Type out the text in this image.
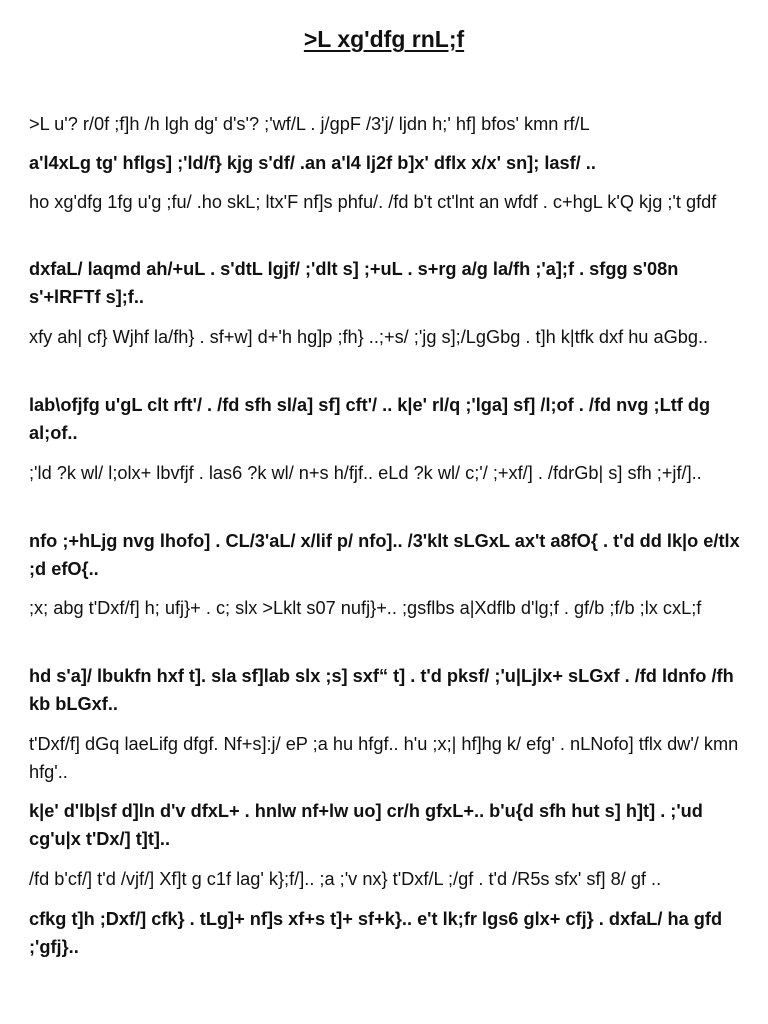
>L xg'dfg rnL;f

>L u'? r/0f ;f]h /h lgh dg' d's'? ;'wf/L . j/gpF /3'j/ ljdn h;' hf] bfos' kmn rf/L

a'l4xLg tg' hflgs] ;'ld/f} kjg s'df/ .an a'l4 lj2f b]x' dflx x/x' sn]; lasf/ ..

ho xg'dfg 1fg u'g ;fu/ .ho skL; ltx'F nf]s phfu/. /fd b't ct'lnt an wfdf . c+hgL k'Q kjg ;'t gfdf

dxfaL/ laqmd ah/+uL . s'dtL lgjf/ ;'dlt s] ;+uL . s+rg a/g la/fh ;'a];f . sfgg s'08n s'+lRFTf s];f..

xfy ah| cf} Wjhf la/fh} . sf+w] d+'h hg]p ;fh} ..;+s/ ;'jg s];/LgGbg . t]h k|tfk dxf hu aGbg..

lab\ofjfg u'gL clt rft'/ . /fd sfh sl/a] sf] cft'/ .. k|e' rl/q ;'lga] sf] /l;of . /fd nvg ;Ltf dg al;of..

;'ld ?k wl/ l;olx+ lbvfjf . las6 ?k wl/ n+s h/fjf.. eLd ?k wl/ c;'/ ;+xf/] . /fdrGb| s] sfh ;+jf/]..

nfo ;+hLjg nvg lhofo] . CL/3'aL/ x/lif p/ nfo].. /3'klt sLGxL ax't a8fO{ . t'd dd lk|o e/tlx ;d efO{..

;x; abg t'Dxf/f] h; ufj}+ . c; slx >Lklt s07 nufj}+.. ;gsflbs a|Xdflb d'lg;f . gf/b ;f/b ;lx cxL;f

hd s'a]/ lbukfn hxf t]. sla sf]lab slx ;s] sxf“ t] . t'd pksf/ ;'u|Ljlx+ sLGxf . /fd ldnfo /fh kb bLGxf..

t'Dxf/f] dGq laeLifg dfgf. Nf+s]:j/ eP ;a hu hfgf.. h'u ;x;| hf]hg k/ efg' . nLNofo] tflx dw'/ kmn hfg'..

k|e' d'lb|sf d]ln d'v dfxL+ . hnlw nf+lw uo] cr/h gfxL+.. b'u{d sfh hut s] h]t] . ;'ud cg'u|x t'Dx/] t]t]..

/fd b'cf/] t'd /vjf/] Xf]t g c1f lag' k};f/].. ;a ;'v nx} t'Dxf/L ;/gf . t'd /R5s sfx' sf] 8/ gf ..

cfkg t]h ;Dxf/] cfk} . tLg]+ nf]s xf+s t]+ sf+k}.. e't lk;fr lgs6 glx+ cfj} . dxfaL/ ha gfd ;'gfj}..
